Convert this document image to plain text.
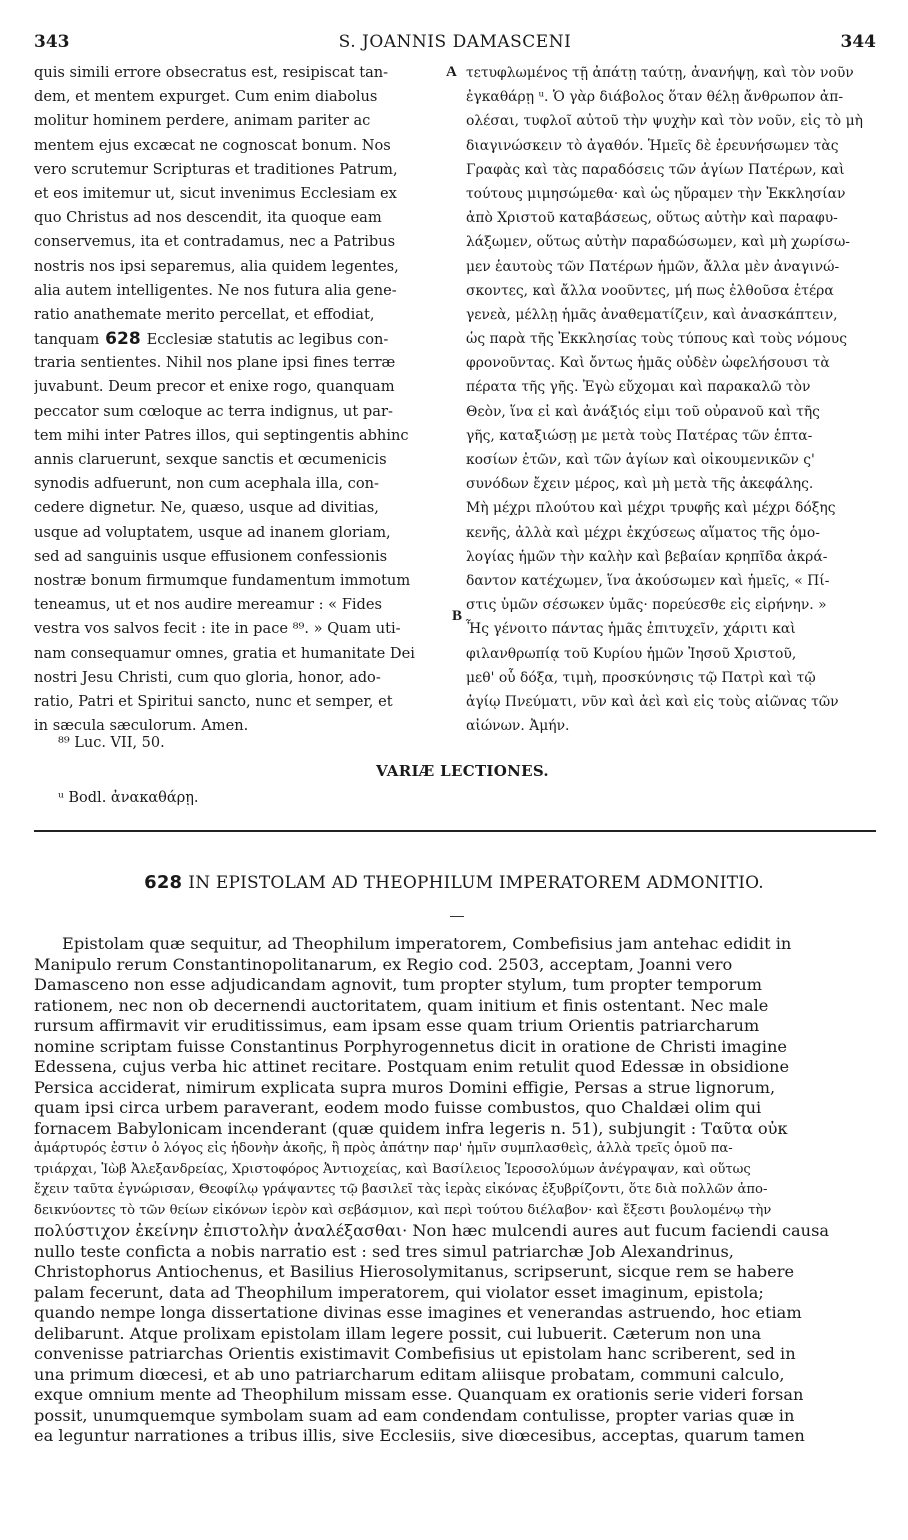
343	S. JOANNIS DAMASCENI	344
quis simili errore obsecratus est, resipiscat tan-
dem, et mentem expurget. Cum enim diabolus
molitur hominem perdere, animam pariter ac
mentem ejus excæcat ne cognoscat bonum. Nos
vero scrutemur Scripturas et traditiones Patrum,
et eos imitemur ut, sicut invenimus Ecclesiam ex
quo Christus ad nos descendit, ita quoque eam
conservemus, ita et contradamus, nec a Patribus
nostris nos ipsi separemus, alia quidem legentes,
alia autem intelligentes. Ne nos futura alia gene-
ratio anathemate merito percellat, et effodiat,
tanquam 628 Ecclesiæ statutis ac legibus con-
traria sentientes. Nihil nos plane ipsi fines terræ
juvabunt. Deum precor et enixe rogo, quanquam
peccator sum cœloque ac terra indignus, ut par-
tem mihi inter Patres illos, qui septingentis abhinc
annis claruerunt, sexque sanctis et œcumenicis
synodis adfuerunt, non cum acephala illa, con-
cedere dignetur. Ne, quæso, usque ad divitias,
usque ad voluptatem, usque ad inanem gloriam,
sed ad sanguinis usque effusionem confessionis
nostræ bonum firmumque fundamentum immotum
teneamus, ut et nos audire mereamur : « Fides
vestra vos salvos fecit : ite in pace ⁸⁹. » Quam uti-
nam consequamur omnes, gratia et humanitate Dei
nostri Jesu Christi, cum quo gloria, honor, ado-
ratio, Patri et Spiritui sancto, nunc et semper, et
in sæcula sæculorum. Amen.
τετυφλωμένος τῇ ἀπάτῃ ταύτῃ, ἀνανήψῃ, καὶ τὸν νοῦν
ἐγκαθάρῃ ᵘ. Ὁ γὰρ διάβολος ὅταν θέλῃ ἄνθρωπον ἀπ-
ολέσαι, τυφλοῖ αὐτοῦ τὴν ψυχὴν καὶ τὸν νοῦν, εἰς τὸ μὴ
διαγινώσκειν τὸ ἀγαθόν. Ἡμεῖς δὲ ἐρευνήσωμεν τὰς
Γραφὰς καὶ τὰς παραδόσεις τῶν ἁγίων Πατέρων, καὶ
τούτους μιμησώμεθα· καὶ ὡς ηὕραμεν τὴν Ἐκκλησίαν
ἀπὸ Χριστοῦ καταβάσεως, οὕτως αὐτὴν καὶ παραφυ-
λάξωμεν, οὕτως αὐτὴν παραδώσωμεν, καὶ μὴ χωρίσω-
μεν ἑαυτοὺς τῶν Πατέρων ἡμῶν, ἄλλα μὲν ἀναγινώ-
σκοντες, καὶ ἄλλα νοοῦντες, μή πως ἐλθοῦσα ἑτέρα
γενεὰ, μέλλῃ ἡμᾶς ἀναθεματίζειν, καὶ ἀνασκάπτειν,
ὡς παρὰ τῆς Ἐκκλησίας τοὺς τύπους καὶ τοὺς νόμους
φρονοῦντας. Καὶ ὄντως ἡμᾶς οὐδὲν ὠφελήσουσι τὰ
πέρατα τῆς γῆς. Ἐγὼ εὔχομαι καὶ παρακαλῶ τὸν
Θεὸν, ἵνα εἰ καὶ ἀνάξιός εἰμι τοῦ οὐρανοῦ καὶ τῆς
γῆς, καταξιώσῃ με μετὰ τοὺς Πατέρας τῶν ἑπτα-
κοσίων ἐτῶν, καὶ τῶν ἁγίων καὶ οἰκουμενικῶν ς'
συνόδων ἔχειν μέρος, καὶ μὴ μετὰ τῆς ἀκεφάλης.
Μὴ μέχρι πλούτου καὶ μέχρι τρυφῆς καὶ μέχρι δόξης
κενῆς, ἀλλὰ καὶ μέχρι ἐκχύσεως αἵματος τῆς ὁμο-
λογίας ἡμῶν τὴν καλὴν καὶ βεβαίαν κρηπῖδα ἀκρά-
δαντον κατέχωμεν, ἵνα ἀκούσωμεν καὶ ἡμεῖς, « Πί-
στις ὑμῶν σέσωκεν ὑμᾶς· πορεύεσθε εἰς εἰρήνην. »
Ἧς γένοιτο πάντας ἡμᾶς ἐπιτυχεῖν, χάριτι καὶ
φιλανθρωπίᾳ τοῦ Κυρίου ἡμῶν Ἰησοῦ Χριστοῦ,
μεθ' οὗ δόξα, τιμὴ, προσκύνησις τῷ Πατρὶ καὶ τῷ
ἁγίῳ Πνεύματι, νῦν καὶ ἀεὶ καὶ εἰς τοὺς αἰῶνας τῶν
αἰώνων. Ἀμήν.
A
B
⁸⁹ Luc. VII, 50.
VARIÆ LECTIONES.
ᵘ Bodl. ἀνακαθάρῃ.
628 IN EPISTOLAM AD THEOPHILUM IMPERATOREM ADMONITIO.
Epistolam quæ sequitur, ad Theophilum imperatorem, Combefisius jam antehac edidit in
Manipulo rerum Constantinopolitanarum, ex Regio cod. 2503, acceptam, Joanni vero
Damasceno non esse adjudicandam agnovit, tum propter stylum, tum propter temporum
rationem, nec non ob decernendi auctoritatem, quam initium et finis ostentant. Nec male
rursum affirmavit vir eruditissimus, eam ipsam esse quam trium Orientis patriarcharum
nomine scriptam fuisse Constantinus Porphyrogennetus dicit in oratione de Christi imagine
Edessena, cujus verba hic attinet recitare. Postquam enim retulit quod Edessæ in obsidione
Persica acciderat, nimirum explicata supra muros Domini effigie, Persas a strue lignorum,
quam ipsi circa urbem paraverant, eodem modo fuisse combustos, quo Chaldæi olim qui
fornacem Babylonicam incenderant (quæ quidem infra legeris n. 51), subjungit : Ταῦτα οὐκ
ἀμάρτυρός ἐστιν ὁ λόγος εἰς ἡδονὴν ἀκοῆς, ἢ πρὸς ἀπάτην παρ' ἡμῖν συμπλασθεὶς, ἀλλὰ τρεῖς ὁμοῦ πα-
τριάρχαι, Ἰὼβ Ἀλεξανδρείας, Χριστοφόρος Ἀντιοχείας, καὶ Βασίλειος Ἱεροσολύμων ἀνέγραψαν, καὶ οὕτως
ἔχειν ταῦτα ἐγνώρισαν, Θεοφίλῳ γράψαντες τῷ βασιλεῖ τὰς ἱερὰς εἰκόνας ἐξυβρίζοντι, ὅτε διὰ πολλῶν ἀπο-
δεικνύοντες τὸ τῶν θείων εἰκόνων ἱερὸν καὶ σεβάσμιον, καὶ περὶ τούτου διέλαβον· καὶ ἔξεστι βουλομένῳ τὴν
πολύστιχον ἐκείνην ἐπιστολὴν ἀναλέξασθαι· Non hæc mulcendi aures aut fucum faciendi causa
nullo teste conficta a nobis narratio est : sed tres simul patriarchæ Job Alexandrinus,
Christophorus Antiochenus, et Basilius Hierosolymitanus, scripserunt, sicque rem se habere
palam fecerunt, data ad Theophilum imperatorem, qui violator esset imaginum, epistola;
quando nempe longa dissertatione divinas esse imagines et venerandas astruendo, hoc etiam
delibarunt. Atque prolixam epistolam illam legere possit, cui lubuerit. Cæterum non una
convenisse patriarchas Orientis existimavit Combefisius ut epistolam hanc scriberent, sed in
una primum diœcesi, et ab uno patriarcharum editam aliisque probatam, communi calculo,
exque omnium mente ad Theophilum missam esse. Quanquam ex orationis serie videri forsan
possit, unumquemque symbolam suam ad eam condendam contulisse, propter varias quæ in
ea leguntur narrationes a tribus illis, sive Ecclesiis, sive diœcesibus, acceptas, quarum tamen
